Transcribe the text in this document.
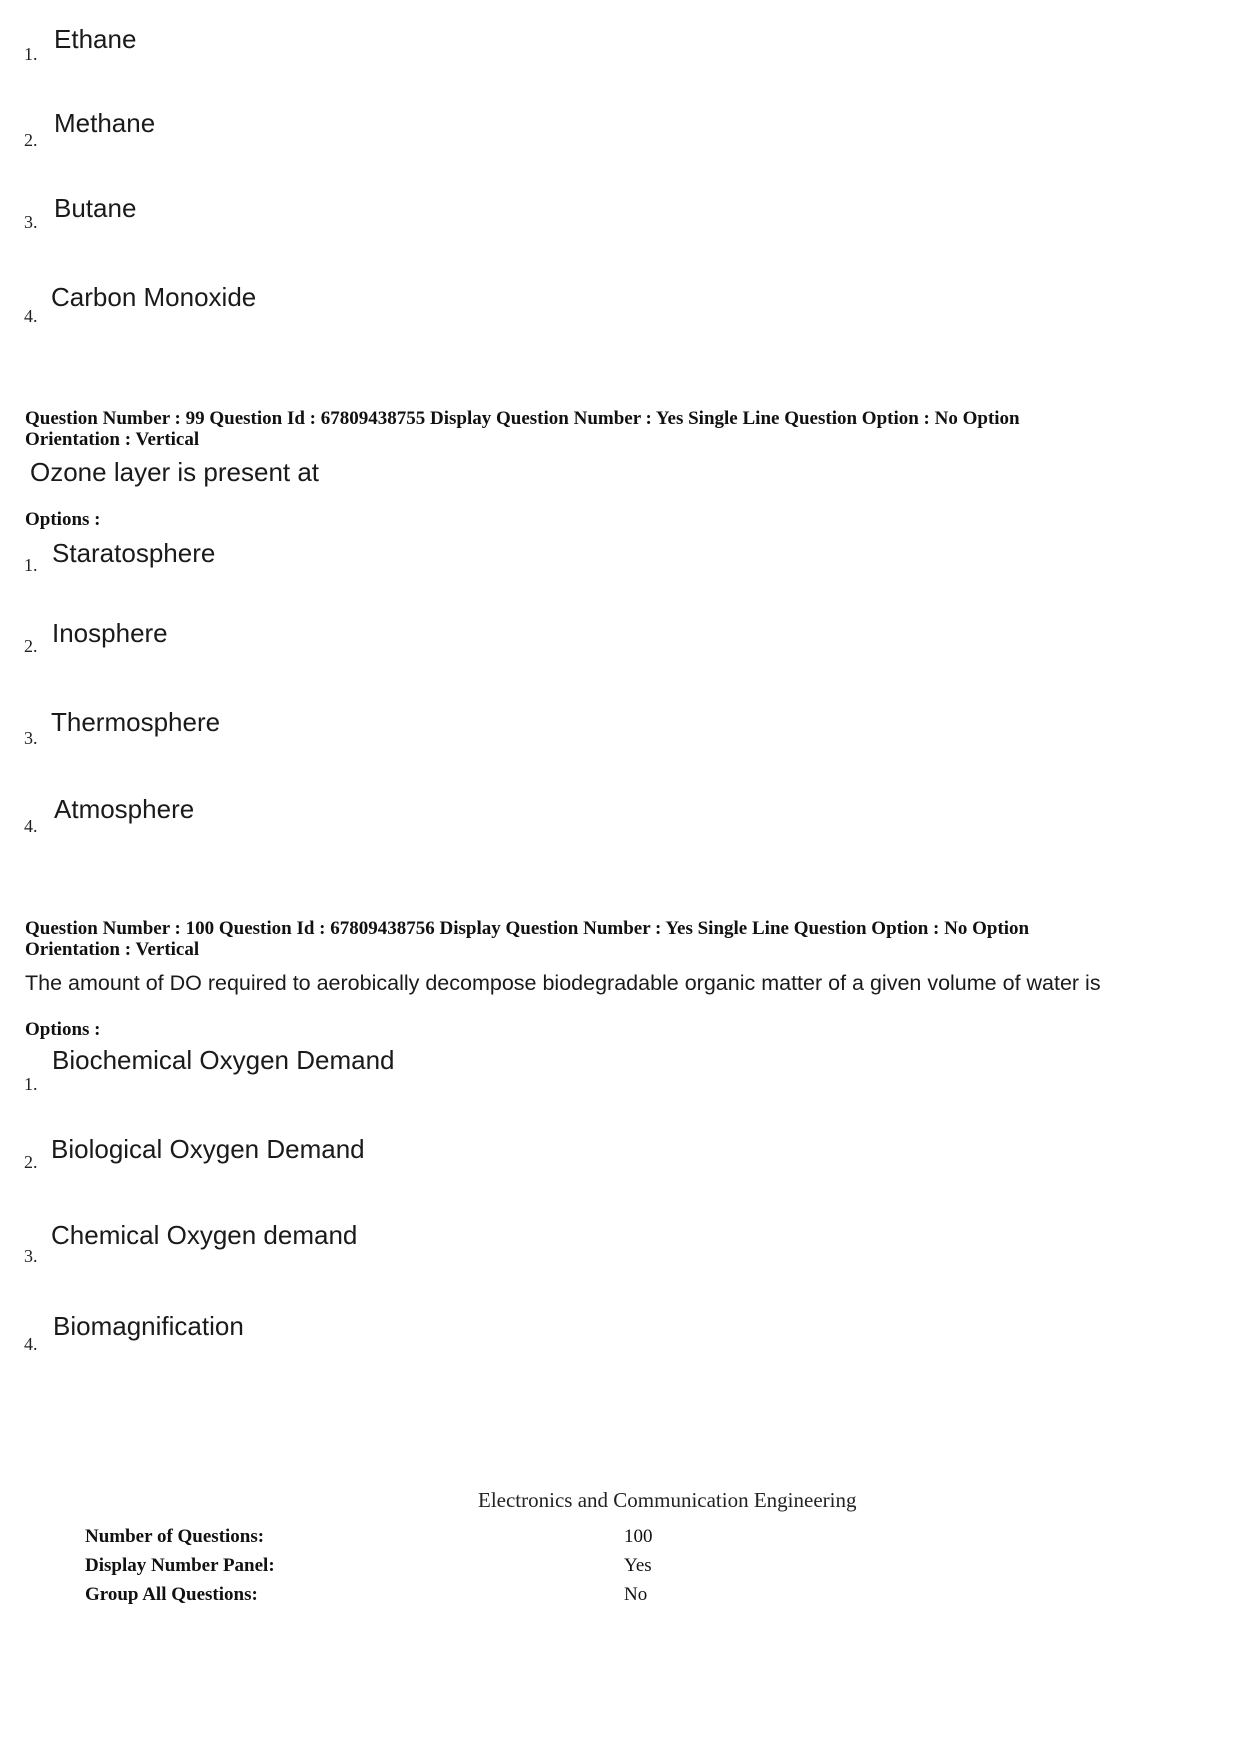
1. Ethane
2.
Methane
3. Butane
4.
Carbon Monoxide
Question Number : 99 Question Id : 67809438755 Display Question Number : Yes Single Line Question Option : No Option
Orientation : Vertical
Ozone layer is present at
Options :
1. Staratosphere
2. Inosphere
3.
Thermosphere
4.
Atmosphere
Question Number : 100 Question Id : 67809438756 Display Question Number : Yes Single Line Question Option : No Option
Orientation : Vertical
The amount of DO required to aerobically decompose biodegradable organic matter of a given volume of water is
Options :
1.
Biochemical Oxygen Demand
2. Biological Oxygen Demand
3.
Chemical Oxygen demand
4.
Biomagnification
Electronics and Communication Engineering
Number of Questions:	100
Display Number Panel:	Yes
Group All Questions:	No
